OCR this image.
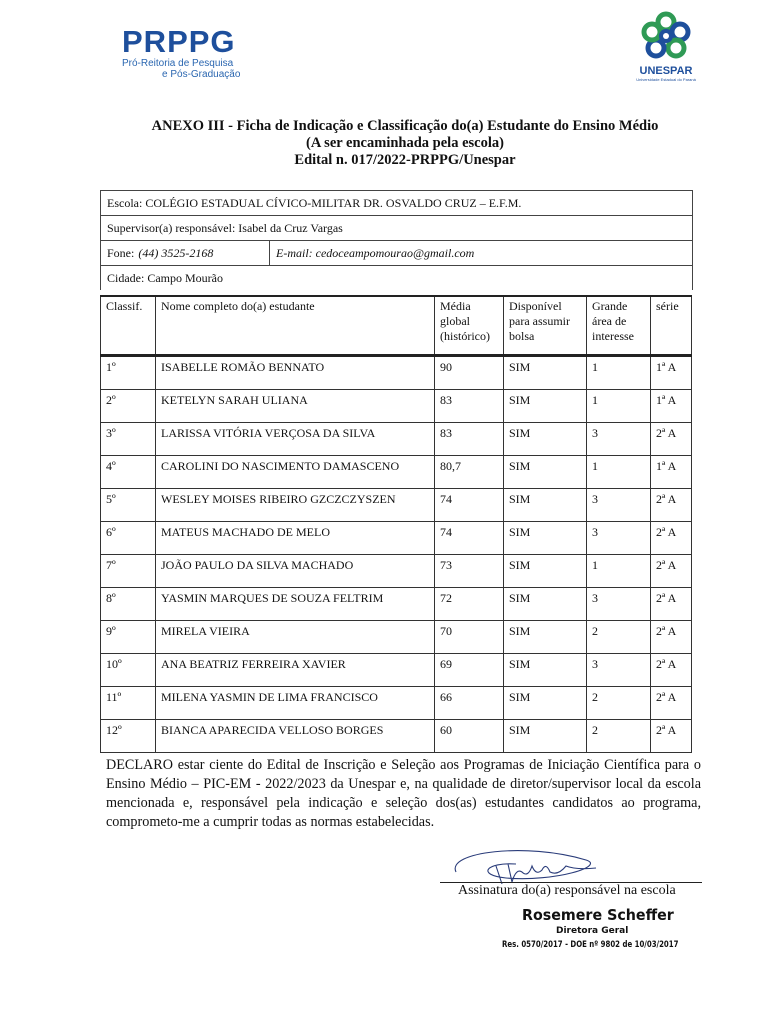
PRPPG
Pró-Reitoria de Pesquisa
e Pós-Graduação	UNESPAR
Universidade Estadual do Paraná
ANEXO III - Ficha de Indicação e Classificação do(a) Estudante do Ensino Médio
(A ser encaminhada pela escola)
Edital n. 017/2022-PRPPG/Unespar
Escola: COLÉGIO ESTADUAL CÍVICO-MILITAR DR. OSVALDO CRUZ – E.F.M.
Supervisor(a) responsável: Isabel da Cruz Vargas
Fone: (44) 3525-2168	E-mail: cedoceampomourao@gmail.com
Cidade: Campo Mourão
Classif.	Nome completo do(a) estudante	Média
global
(histórico)	Disponível
para assumir
bolsa	Grande
área de
interesse	série
1º	ISABELLE ROMÃO BENNATO	90	SIM	1	1ª A
2º	KETELYN SARAH ULIANA	83	SIM	1	1ª A
3º	LARISSA VITÓRIA VERÇOSA DA SILVA	83	SIM	3	2ª A
4º	CAROLINI DO NASCIMENTO DAMASCENO	80,7	SIM	1	1ª A
5º	WESLEY MOISES RIBEIRO GZCZCZYSZEN	74	SIM	3	2ª A
6º	MATEUS MACHADO DE MELO	74	SIM	3	2ª A
7º	JOÃO PAULO DA SILVA MACHADO	73	SIM	1	2ª A
8º	YASMIN MARQUES DE SOUZA FELTRIM	72	SIM	3	2ª A
9º	MIRELA VIEIRA	70	SIM	2	2ª A
10º	ANA BEATRIZ FERREIRA XAVIER	69	SIM	3	2ª A
11º	MILENA YASMIN DE LIMA FRANCISCO	66	SIM	2	2ª A
12º	BIANCA APARECIDA VELLOSO BORGES	60	SIM	2	2ª A
DECLARO estar ciente do Edital de Inscrição e Seleção aos Programas de Iniciação Científica para o Ensino Médio – PIC-EM - 2022/2023 da Unespar e, na qualidade de diretor/supervisor local da escola mencionada e, responsável pela indicação e seleção dos(as) estudantes candidatos ao programa, comprometo-me a cumprir todas as normas estabelecidas.
Assinatura do(a) responsável na escola
Rosemere Scheffer
Diretora Geral
Res. 0570/2017 - DOE nº 9802 de 10/03/2017
